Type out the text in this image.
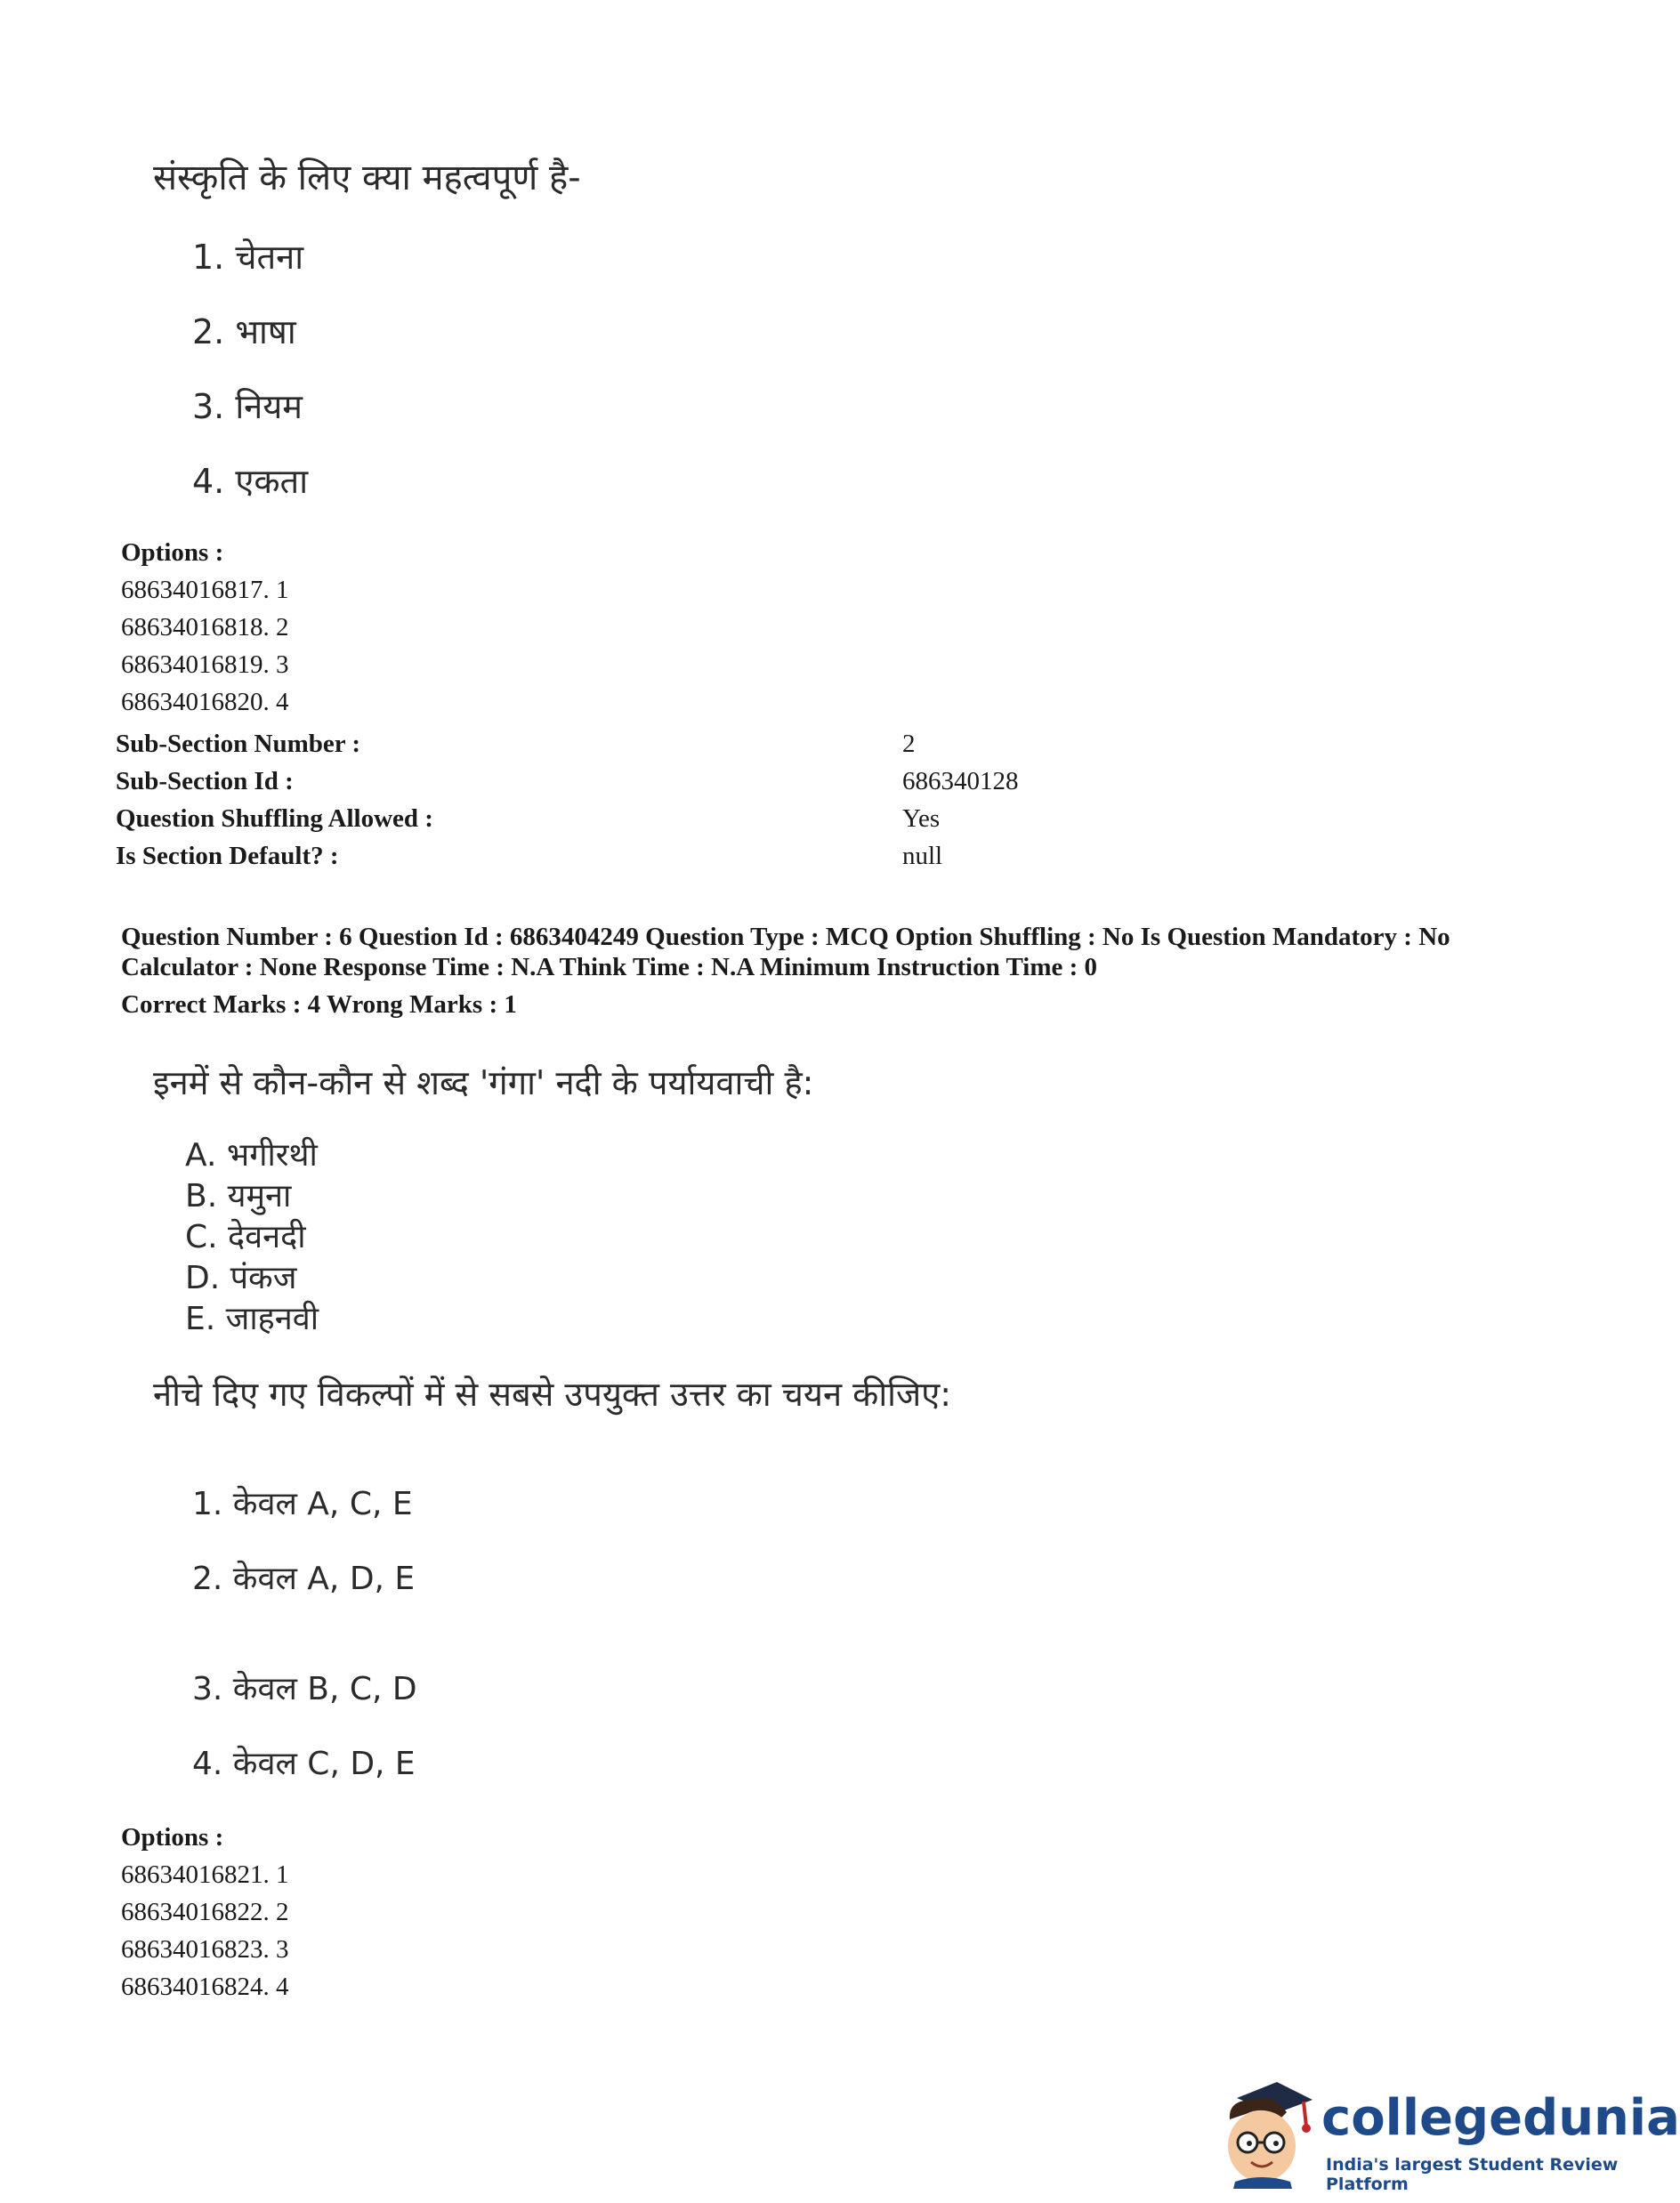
संस्कृति के लिए क्या महत्वपूर्ण है-
1. चेतना
2. भाषा
3. नियम
4. एकता
Options :
68634016817. 1
68634016818. 2
68634016819. 3
68634016820. 4
Sub-Section Number :	2
Sub-Section Id :	686340128
Question Shuffling Allowed :	Yes
Is Section Default? :	null
Question Number : 6 Question Id : 6863404249 Question Type : MCQ Option Shuffling : No Is Question Mandatory : No
Calculator : None Response Time : N.A Think Time : N.A Minimum Instruction Time : 0
Correct Marks : 4 Wrong Marks : 1
इनमें से कौन-कौन से शब्द 'गंगा' नदी के पर्यायवाची है:
A. भगीरथी
B. यमुना
C. देवनदी
D. पंकज
E. जाहनवी
नीचे दिए गए विकल्पों में से सबसे उपयुक्त उत्तर का चयन कीजिए:
1. केवल A, C, E
2. केवल A, D, E
3. केवल B, C, D
4. केवल C, D, E
Options :
68634016821. 1
68634016822. 2
68634016823. 3
68634016824. 4
collegedunia
India's largest Student Review Platform
